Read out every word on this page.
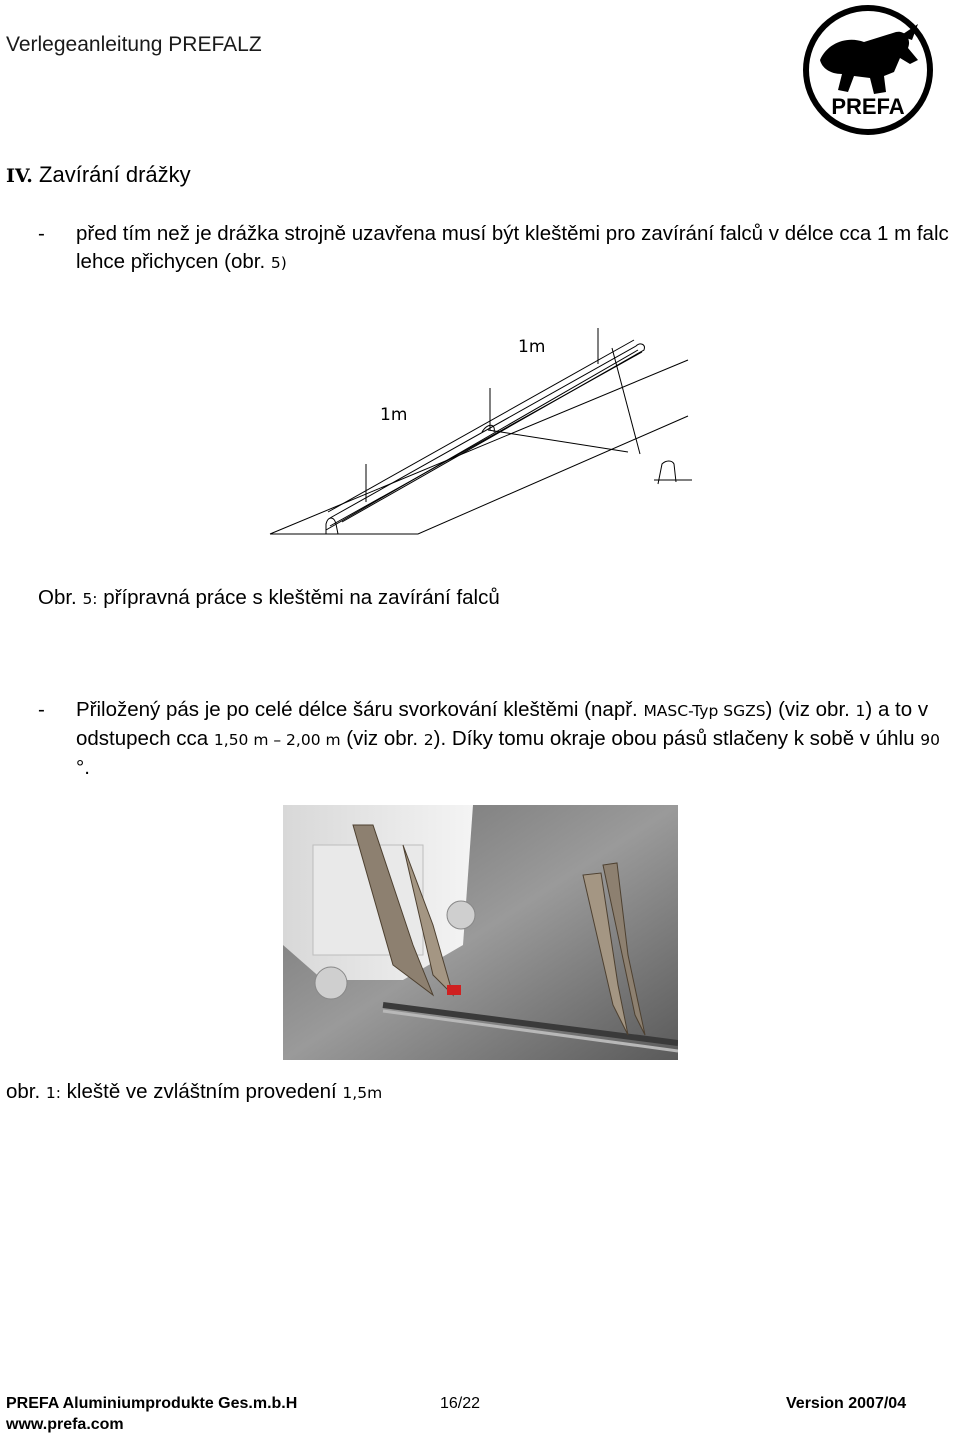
Verlegeanleitung PREFALZ
PREFA
IV. Zavírání drážky
- před tím než je drážka strojně uzavřena musí být kleštěmi pro zavírání falců v délce cca 1 m falc lehce přichycen (obr. 5)
1m
1m
Obr. 5: přípravná práce s kleštěmi na zavírání falců
- Přiložený pás je po celé délce šáru svorkování kleštěmi (např. MASC-Typ SGZS) (viz obr. 1) a to v odstupech cca 1,50 m – 2,00 m (viz obr. 2). Díky tomu okraje obou pásů stlačeny k sobě v úhlu 90 °.
obr. 1: kleště ve zvláštním provedení 1,5m
PREFA Aluminiumprodukte Ges.m.b.H	16/22	Version 2007/04
www.prefa.com
